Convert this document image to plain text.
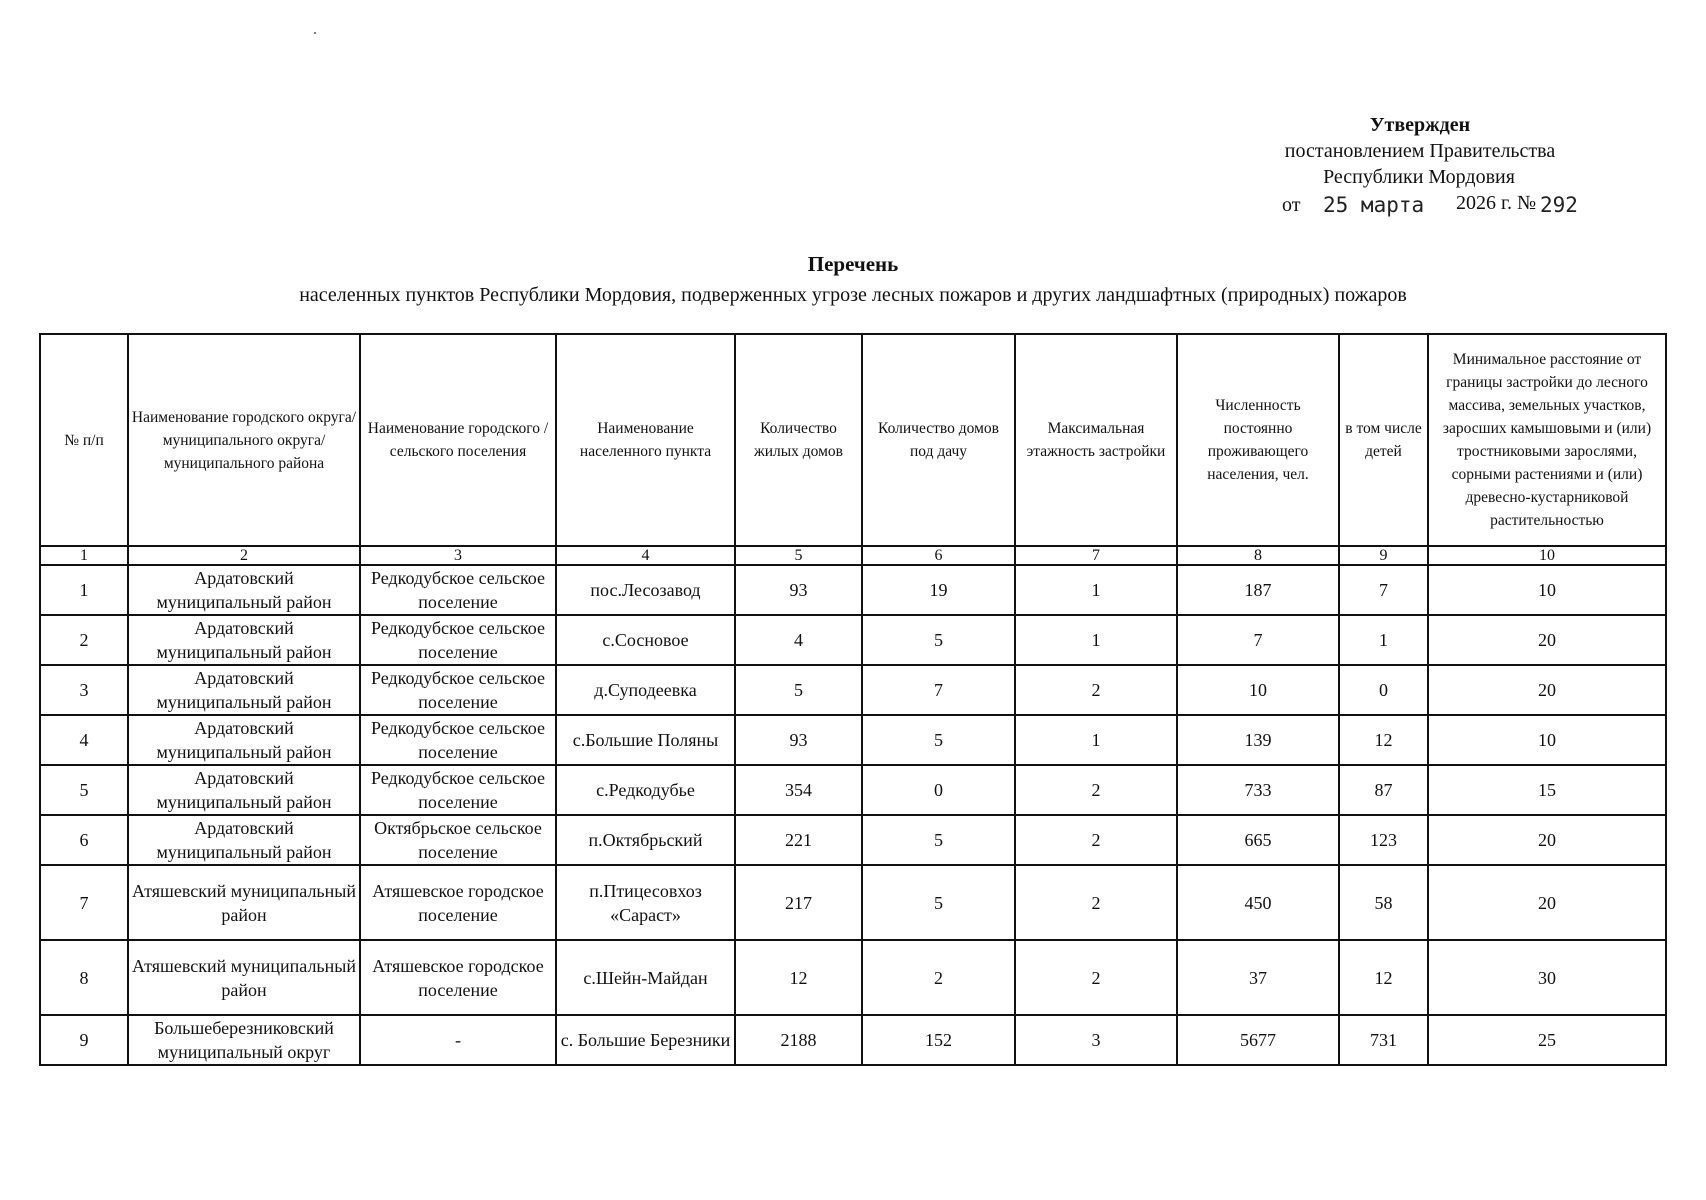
Утвержден
постановлением Правительства
Республики Мордовия
от 25 марта 2026 г. № 292
Перечень
населенных пунктов Республики Мордовия, подверженных угрозе лесных пожаров и других ландшафтных (природных) пожаров
№ п/п	Наименование городского округа/муниципального округа/муниципального района	Наименование городского / сельского поселения	Наименование населенного пункта	Количество жилых домов	Количество домов под дачу	Максимальная этажность застройки	Численность постоянно проживающего населения, чел.	в том числе детей	Минимальное расстояние от границы застройки до лесного массива, земельных участков, заросших камышовыми и (или) тростниковыми зарослями, сорными растениями и (или) древесно-кустарниковой растительностью
1	2	3	4	5	6	7	8	9	10
1	Ардатовский муниципальный район	Редкодубское сельское поселение	пос.Лесозавод	93	19	1	187	7	10
2	Ардатовский муниципальный район	Редкодубское сельское поселение	с.Сосновое	4	5	1	7	1	20
3	Ардатовский муниципальный район	Редкодубское сельское поселение	д.Суподеевка	5	7	2	10	0	20
4	Ардатовский муниципальный район	Редкодубское сельское поселение	с.Большие Поляны	93	5	1	139	12	10
5	Ардатовский муниципальный район	Редкодубское сельское поселение	с.Редкодубье	354	0	2	733	87	15
6	Ардатовский муниципальный район	Октябрьское сельское поселение	п.Октябрьский	221	5	2	665	123	20
7	Атяшевский муниципальный район	Атяшевское городское поселение	п.Птицесовхоз «Сараст»	217	5	2	450	58	20
8	Атяшевский муниципальный район	Атяшевское городское поселение	с.Шейн-Майдан	12	2	2	37	12	30
9	Большеберезниковский муниципальный округ	-	с. Большие Березники	2188	152	3	5677	731	25
